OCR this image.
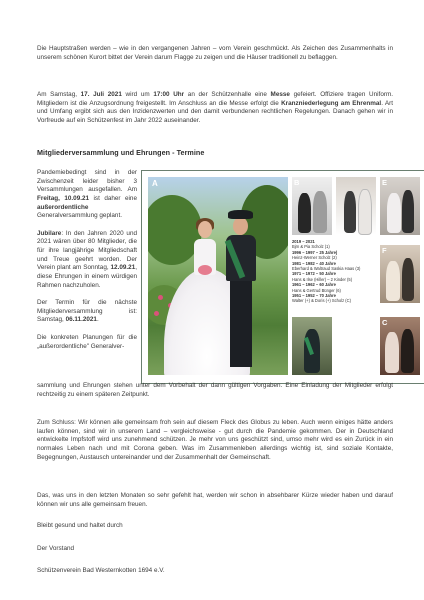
Die Hauptstraßen werden – wie in den vergangenen Jahren – vom Verein geschmückt. Als Zeichen des Zusammenhalts in unserem schönen Kurort bittet der Verein darum Flagge zu zeigen und die Häuser traditionell zu beflaggen.

Am Samstag, 17. Juli 2021 wird um 17:00 Uhr an der Schützenhalle eine Messe gefeiert. Offiziere tragen Uniform. Mitgliedern ist die Anzugsordnung freigestellt. Im Anschluss an die Messe erfolgt die Kranzniederlegung am Ehrenmal. Art und Umfang ergibt sich aus den Inzidenzwerten und den damit verbundenen rechtlichen Regelungen. Danach gehen wir in Vorfreude auf ein Schützenfest im Jahr 2022 auseinander.

Mitgliederversammlung und Ehrungen - Termine

Pandemiebedingt sind in der Zwischenzeit leider bisher 3 Versammlungen ausgefallen. Am Freitag, 10.09.21 ist daher eine außerordentliche Generalversammlung geplant.

Jubilare: In den Jahren 2020 und 2021 wären über 80 Mitglieder, die für ihre langjährige Mitgliedschaft und Treue geehrt worden. Der Verein plant am Sonntag, 12.09.21, diese Ehrungen in einem würdigen Rahmen nachzuholen.

Der Termin für die nächste Mitgliederversammlung ist: Samstag, 06.11.2021.

Die konkreten Planungen für die „außerordentliche" Generalver-

A	B	E
F
C
2019 – 2021
Bjrn & Pia Scholz (1)
1996 – 1997 – 25 Jahre)
Heinz-Werner Scholz (2)
1981 – 1982 – 40 Jahre
Eberhard & Waltraud Saskia Haas (3)
1971 – 1972 – 50 Jahre
Hans & Ilse (Hiller) – 2 Kinder (5)
1961 – 1962 – 60 Jahre
Hans & Gertrud Bünger (6)
1951 – 1952 – 70 Jahre
Walter (+) & Doris (+) Scholz (C)

sammlung und Ehrungen stehen unter dem Vorbehalt der dann gültigen Vorgaben. Eine Einladung der Mitglieder erfolgt rechtzeitig zu einem späteren Zeitpunkt.

Zum Schluss: Wir können alle gemeinsam froh sein auf diesem Fleck des Globus zu leben. Auch wenn einiges hätte anders laufen können, sind wir in unserem Land – vergleichsweise - gut durch die Pandemie gekommen. Der in Deutschland entwickelte Impfstoff wird uns zunehmend schützen. Je mehr von uns geschützt sind, umso mehr wird es ein Zurück in ein normales Leben nach und mit Corona geben. Was im Zusammenleben allerdings wichtig ist, sind soziale Kontakte, Begegnungen, Austausch untereinander und der Zusammenhalt der Gemeinschaft.

Das, was uns in den letzten Monaten so sehr gefehlt hat, werden wir schon in absehbarer Kürze wieder haben und darauf können wir uns alle gemeinsam freuen.

Bleibt gesund und haltet durch

Der Vorstand

Schützenverein Bad Westernkotten 1694 e.V.
